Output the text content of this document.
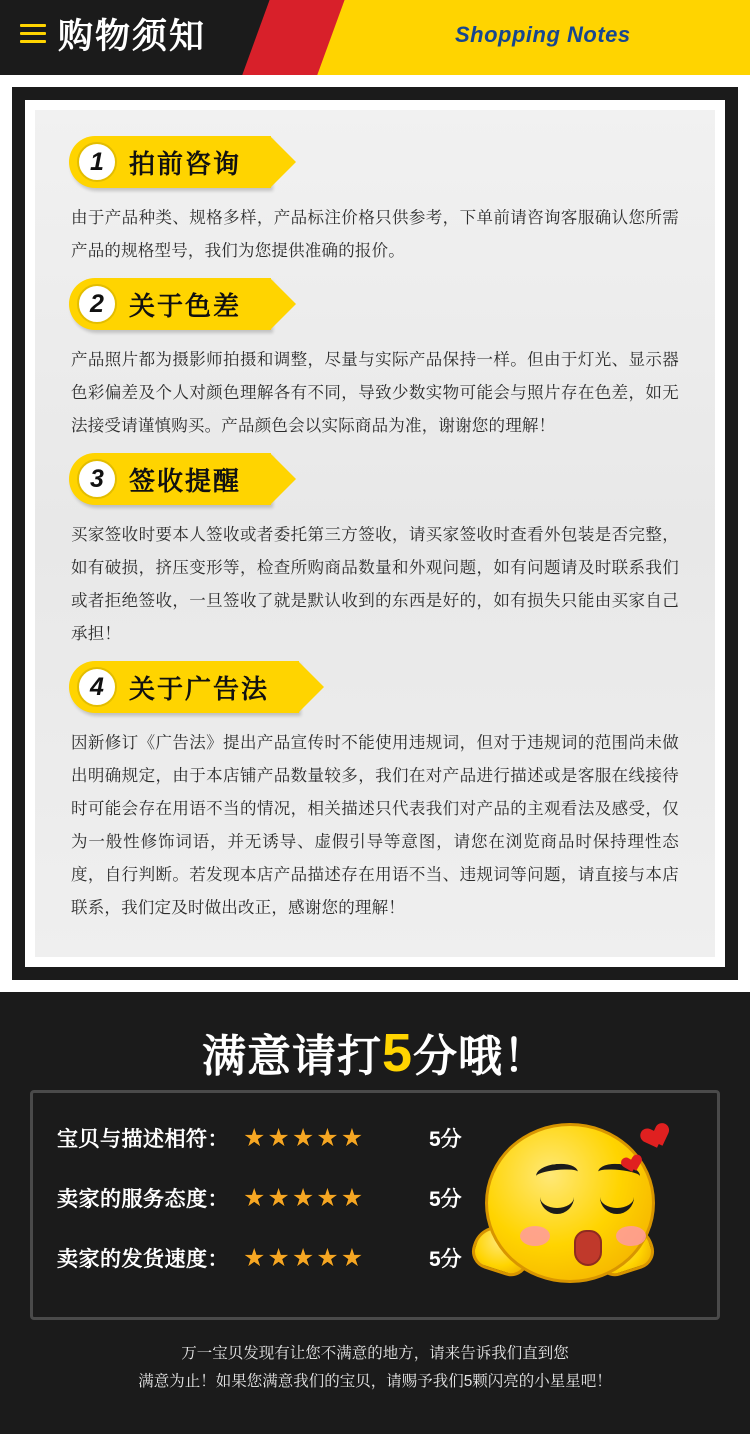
购物须知	Shopping Notes
1 拍前咨询
由于产品种类、规格多样，产品标注价格只供参考，下单前请咨询客服确认您所需产品的规格型号，我们为您提供准确的报价。
2 关于色差
产品照片都为摄影师拍摄和调整，尽量与实际产品保持一样。但由于灯光、显示器色彩偏差及个人对颜色理解各有不同，导致少数实物可能会与照片存在色差，如无法接受请谨慎购买。产品颜色会以实际商品为准，谢谢您的理解！
3 签收提醒
买家签收时要本人签收或者委托第三方签收，请买家签收时查看外包装是否完整，如有破损，挤压变形等，检查所购商品数量和外观问题，如有问题请及时联系我们或者拒绝签收，一旦签收了就是默认收到的东西是好的，如有损失只能由买家自己承担！
4 关于广告法
因新修订《广告法》提出产品宣传时不能使用违规词，但对于违规词的范围尚未做出明确规定，由于本店铺产品数量较多，我们在对产品进行描述或是客服在线接待时可能会存在用语不当的情况，相关描述只代表我们对产品的主观看法及感受，仅为一般性修饰词语，并无诱导、虚假引导等意图，请您在浏览商品时保持理性态度，自行判断。若发现本店产品描述存在用语不当、违规词等问题，请直接与本店联系，我们定及时做出改正，感谢您的理解！
满意请打5分哦！
宝贝与描述相符： ★ ★ ★ ★ ★	5分
卖家的服务态度： ★ ★ ★ ★ ★	5分
卖家的发货速度： ★ ★ ★ ★ ★	5分
万一宝贝发现有让您不满意的地方，请来告诉我们直到您
满意为止！如果您满意我们的宝贝，请赐予我们5颗闪亮的小星星吧！
